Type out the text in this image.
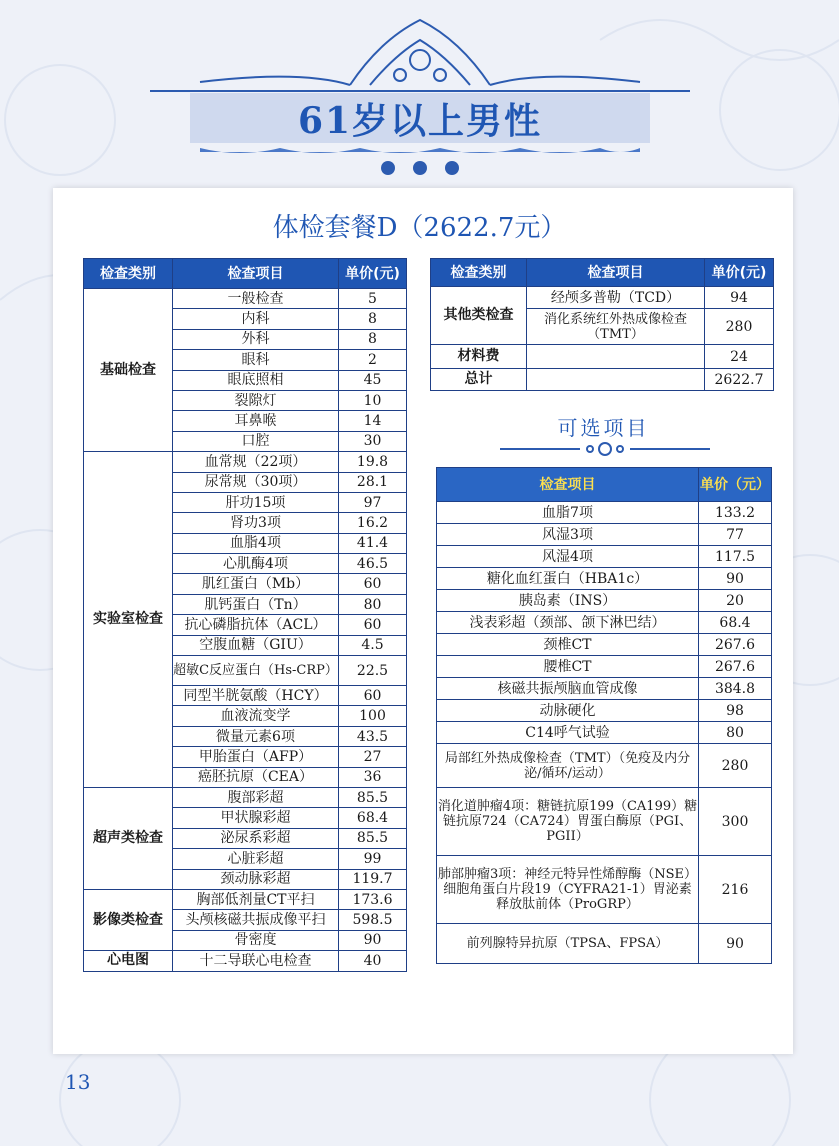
61岁以上男性
体检套餐D（2622.7元）
检查类别	检查项目	单价(元)
基础检查	一般检查	5
	内科	8
	外科	8
	眼科	2
	眼底照相	45
	裂隙灯	10
	耳鼻喉	14
	口腔	30
实验室检查	血常规（22项）	19.8
	尿常规（30项）	28.1
	肝功15项	97
	肾功3项	16.2
	血脂4项	41.4
	心肌酶4项	46.5
	肌红蛋白（Mb）	60
	肌钙蛋白（Tn）	80
	抗心磷脂抗体（ACL）	60
	空腹血糖（GIU）	4.5
	超敏C反应蛋白（Hs-CRP）	22.5
	同型半胱氨酸（HCY）	60
	血液流变学	100
	微量元素6项	43.5
	甲胎蛋白（AFP）	27
	癌胚抗原（CEA）	36
超声类检查	腹部彩超	85.5
	甲状腺彩超	68.4
	泌尿系彩超	85.5
	心脏彩超	99
	颈动脉彩超	119.7
影像类检查	胸部低剂量CT平扫	173.6
	头颅核磁共振成像平扫	598.5
	骨密度	90
心电图	十二导联心电检查	40
检查类别	检查项目	单价(元)
其他类检查	经颅多普勒（TCD）	94
	消化系统红外热成像检查（TMT）	280
材料费		24
总计		2622.7
可选项目
检查项目	单价（元）
血脂7项	133.2
风湿3项	77
风湿4项	117.5
糖化血红蛋白（HBA1c）	90
胰岛素（INS）	20
浅表彩超（颈部、颌下淋巴结）	68.4
颈椎CT	267.6
腰椎CT	267.6
核磁共振颅脑血管成像	384.8
动脉硬化	98
C14呼气试验	80
局部红外热成像检查（TMT）（免疫及内分泌/循环/运动）	280
消化道肿瘤4项：糖链抗原199（CA199）糖链抗原724（CA724）胃蛋白酶原（PGI、PGII）	300
肺部肿瘤3项：神经元特异性烯醇酶（NSE）细胞角蛋白片段19（CYFRA21-1）胃泌素释放肽前体（ProGRP）	216
前列腺特异抗原（TPSA、FPSA）	90
13
